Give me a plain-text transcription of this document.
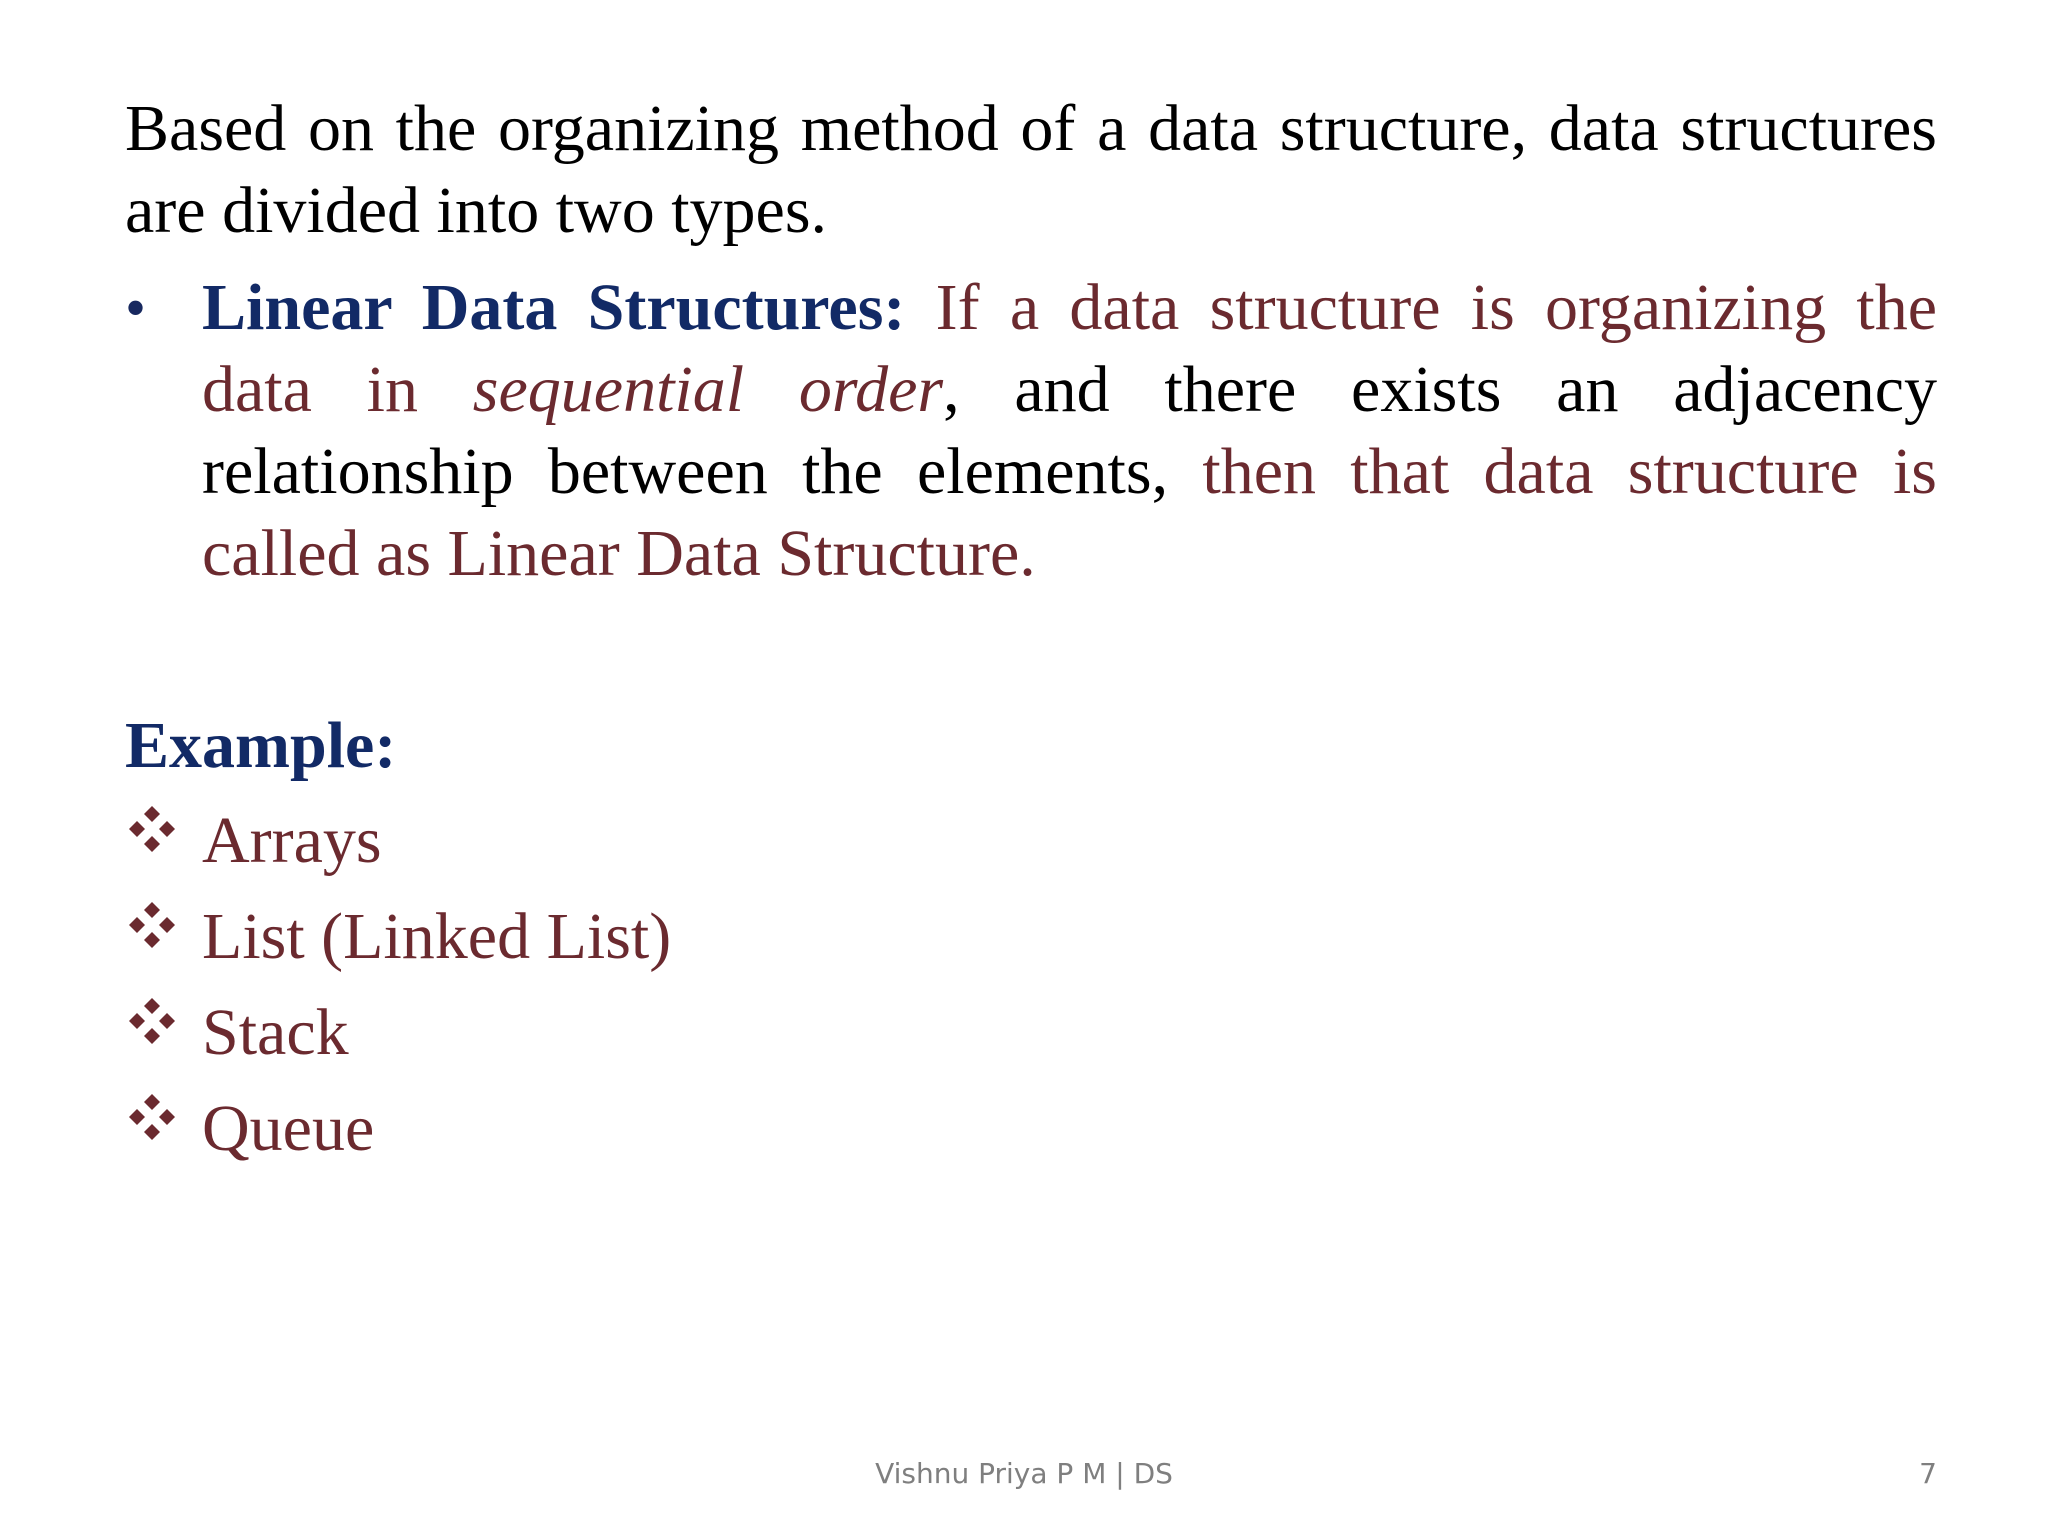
Based on the organizing method of a data structure, data structures are divided into two types.

• Linear Data Structures: If a data structure is organizing the data in sequential order, and there exists an adjacency relationship between the elements, then that data structure is called as Linear Data Structure.

Example:

Arrays
List (Linked List)
Stack
Queue
Vishnu Priya P M | DS	7
